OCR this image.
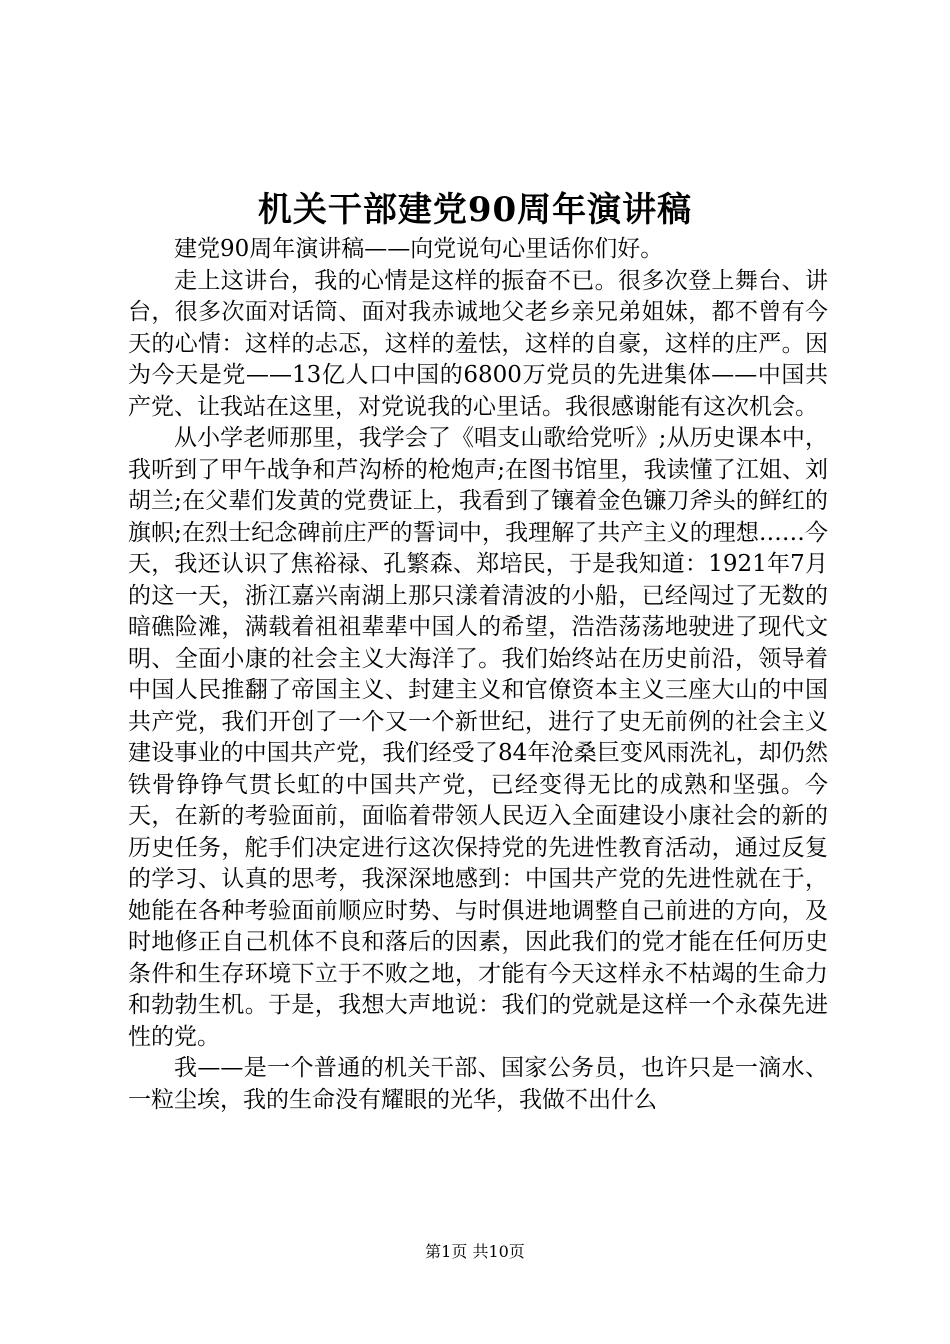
机关干部建党90周年演讲稿

建党90周年演讲稿——向党说句心里话你们好。

走上这讲台，我的心情是这样的振奋不已。很多次登上舞台、讲台，很多次面对话筒、面对我赤诚地父老乡亲兄弟姐妹，都不曾有今天的心情：这样的忐忑，这样的羞怯，这样的自豪，这样的庄严。因为今天是党——13亿人口中国的6800万党员的先进集体——中国共产党、让我站在这里，对党说我的心里话。我很感谢能有这次机会。

从小学老师那里，我学会了《唱支山歌给党听》;从历史课本中，我听到了甲午战争和芦沟桥的枪炮声;在图书馆里，我读懂了江姐、刘胡兰;在父辈们发黄的党费证上，我看到了镶着金色镰刀斧头的鲜红的旗帜;在烈士纪念碑前庄严的誓词中，我理解了共产主义的理想……今天，我还认识了焦裕禄、孔繁森、郑培民，于是我知道：1921年7月的这一天，浙江嘉兴南湖上那只漾着清波的小船，已经闯过了无数的暗礁险滩，满载着祖祖辈辈中国人的希望，浩浩荡荡地驶进了现代文明、全面小康的社会主义大海洋了。我们始终站在历史前沿，领导着中国人民推翻了帝国主义、封建主义和官僚资本主义三座大山的中国共产党，我们开创了一个又一个新世纪，进行了史无前例的社会主义建设事业的中国共产党，我们经受了84年沧桑巨变风雨洗礼，却仍然铁骨铮铮气贯长虹的中国共产党，已经变得无比的成熟和坚强。今天，在新的考验面前，面临着带领人民迈入全面建设小康社会的新的历史任务，舵手们决定进行这次保持党的先进性教育活动，通过反复的学习、认真的思考，我深深地感到：中国共产党的先进性就在于，她能在各种考验面前顺应时势、与时俱进地调整自己前进的方向，及时地修正自己机体不良和落后的因素，因此我们的党才能在任何历史条件和生存环境下立于不败之地，才能有今天这样永不枯竭的生命力和勃勃生机。于是，我想大声地说：我们的党就是这样一个永葆先进性的党。

我——是一个普通的机关干部、国家公务员，也许只是一滴水、一粒尘埃，我的生命没有耀眼的光华，我做不出什么

第1页 共10页
